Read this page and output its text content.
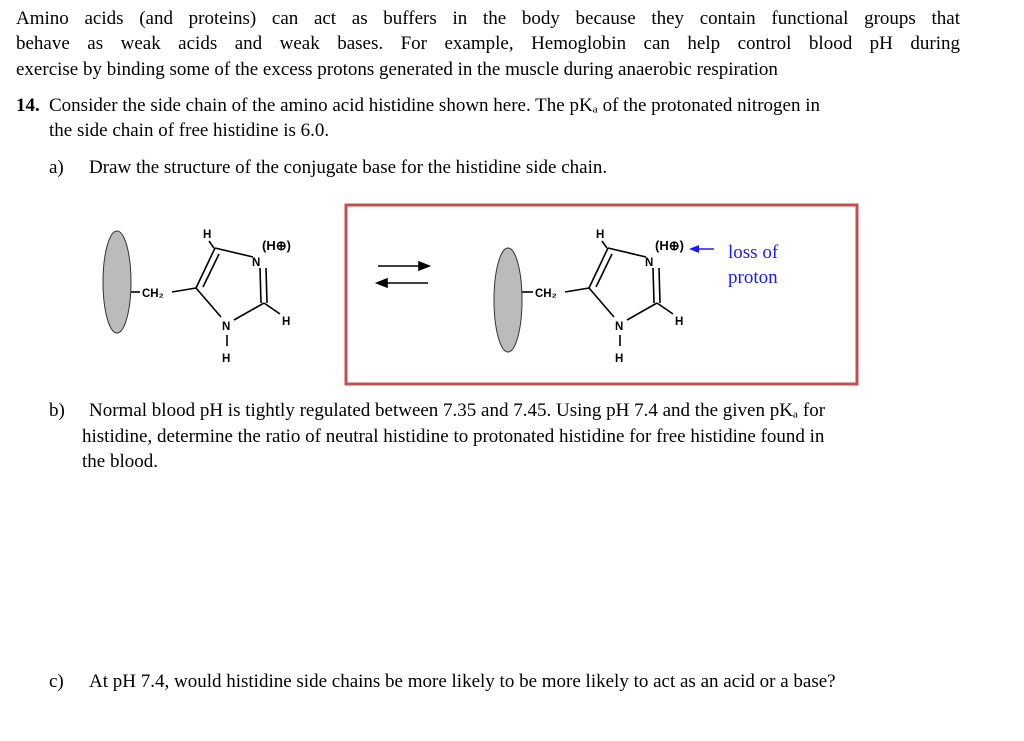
Amino acids (and proteins) can act as buffers in the body because they contain functional groups that
behave as weak acids and weak bases. For example, Hemoglobin can help control blood pH during
exercise by binding some of the excess protons generated in the muscle during anaerobic respiration
14. Consider the side chain of the amino acid histidine shown here. The pKₐ of the protonated nitrogen in
the side chain of free histidine is 6.0.
a) Draw the structure of the conjugate base for the histidine side chain.
H
N
(H⊕)
CH₂
H
N
H
H
N
(H⊕)
CH₂
H
N
H
loss of
proton
b) Normal blood pH is tightly regulated between 7.35 and 7.45. Using pH 7.4 and the given pKₐ for
histidine, determine the ratio of neutral histidine to protonated histidine for free histidine found in
the blood.
c) At pH 7.4, would histidine side chains be more likely to be more likely to act as an acid or a base?
